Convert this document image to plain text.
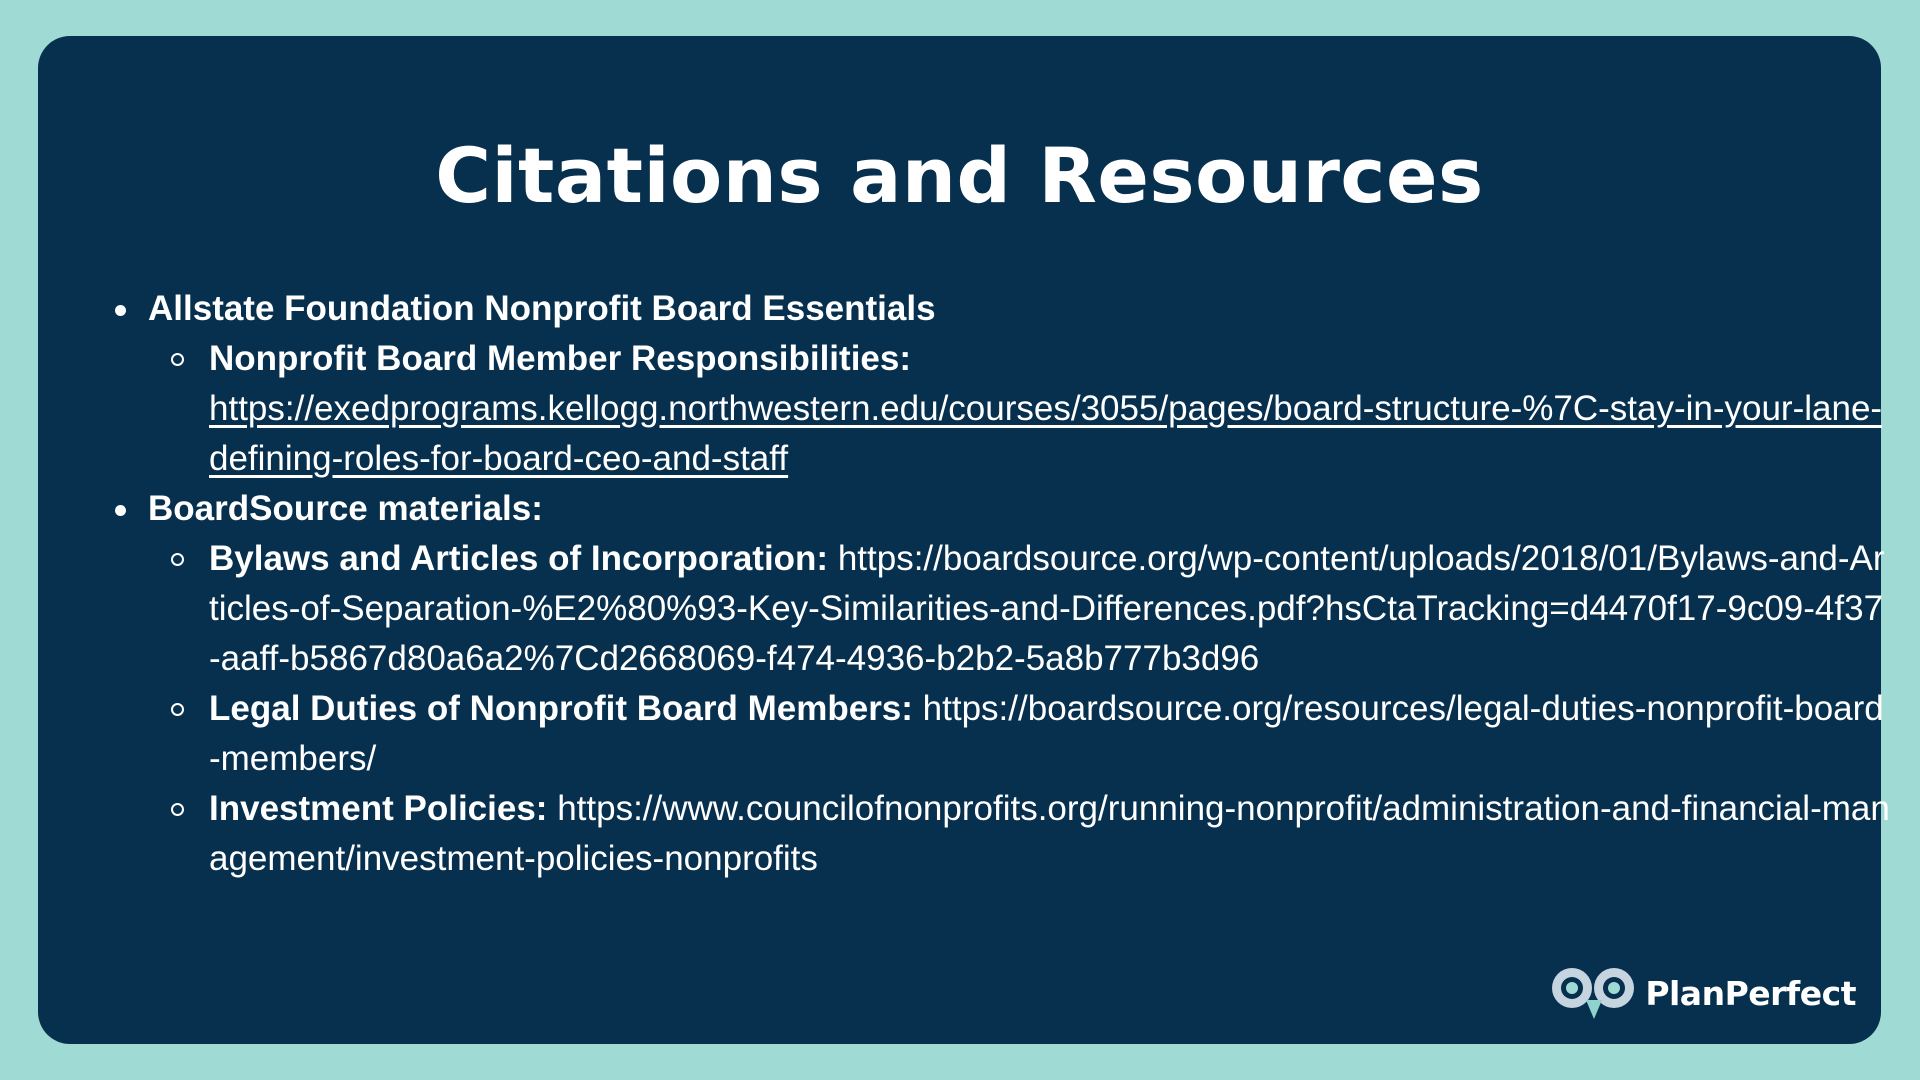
Citations and Resources
Allstate Foundation Nonprofit Board Essentials
Nonprofit Board Member Responsibilities:
https://exedprograms.kellogg.northwestern.edu/courses/3055/pages/board-structure-%7C-stay-in-your-lane-defining-roles-for-board-ceo-and-staff
BoardSource materials:
Bylaws and Articles of Incorporation: https://boardsource.org/wp-content/uploads/2018/01/Bylaws-and-Articles-of-Separation-%E2%80%93-Key-Similarities-and-Differences.pdf?hsCtaTracking=d4470f17-9c09-4f37-aaff-b5867d80a6a2%7Cd2668069-f474-4936-b2b2-5a8b777b3d96
Legal Duties of Nonprofit Board Members: https://boardsource.org/resources/legal-duties-nonprofit-board-members/
Investment Policies: https://www.councilofnonprofits.org/running-nonprofit/administration-and-financial-management/investment-policies-nonprofits
PlanPerfect
